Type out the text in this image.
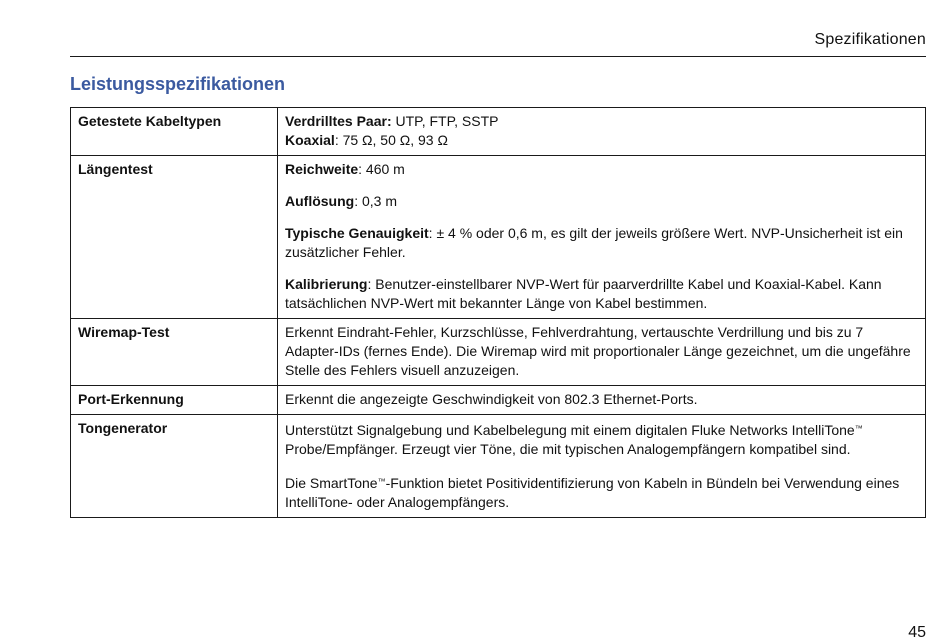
Spezifikationen
Leistungsspezifikationen
Getestete Kabeltypen	Verdrilltes Paar: UTP, FTP, SSTP
Koaxial: 75 Ω, 50 Ω, 93 Ω

Längentest	Reichweite: 460 m

Auflösung: 0,3 m

Typische Genauigkeit: ± 4 % oder 0,6 m, es gilt der jeweils größere Wert. NVP-Unsicherheit ist ein zusätzlicher Fehler.

Kalibrierung: Benutzer-einstellbarer NVP-Wert für paarverdrillte Kabel und Koaxial-Kabel. Kann tatsächlichen NVP-Wert mit bekannter Länge von Kabel bestimmen.

Wiremap-Test	Erkennt Eindraht-Fehler, Kurzschlüsse, Fehlverdrahtung, vertauschte Verdrillung und bis zu 7 Adapter-IDs (fernes Ende). Die Wiremap wird mit proportionaler Länge gezeichnet, um die ungefähre Stelle des Fehlers visuell anzuzeigen.

Port-Erkennung	Erkennt die angezeigte Geschwindigkeit von 802.3 Ethernet-Ports.

Tongenerator	Unterstützt Signalgebung und Kabelbelegung mit einem digitalen Fluke Networks IntelliTone™ Probe/Empfänger. Erzeugt vier Töne, die mit typischen Analogempfängern kompatibel sind.

Die SmartTone™-Funktion bietet Positividentifizierung von Kabeln in Bündeln bei Verwendung eines IntelliTone- oder Analogempfängers.

45
